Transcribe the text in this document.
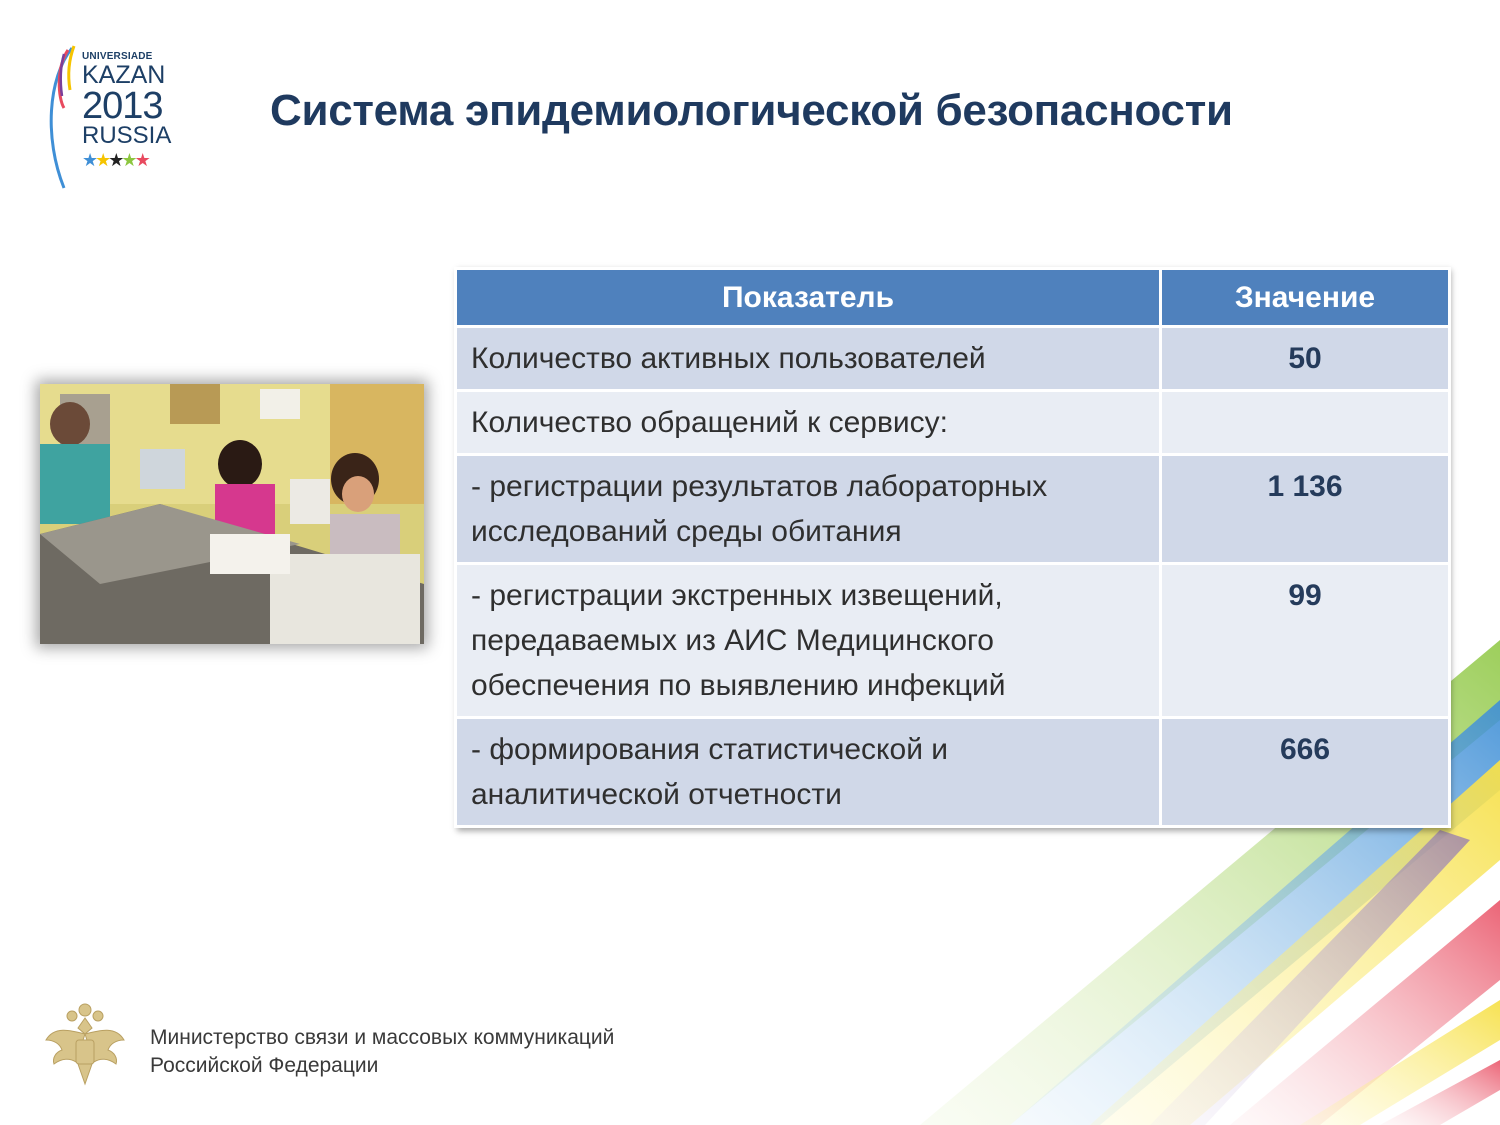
UNIVERSIADE
KAZAN
2013
RUSSIA
★★★★★
Система эпидемиологической безопасности
Показатель	Значение
Количество активных пользователей	50
Количество обращений к сервису:	
- регистрации результатов лабораторных исследований среды обитания	1 136
- регистрации экстренных извещений, передаваемых из АИС Медицинского обеспечения по выявлению инфекций	99
- формирования статистической и аналитической отчетности	666
Министерство связи и массовых коммуникаций
Российской Федерации
